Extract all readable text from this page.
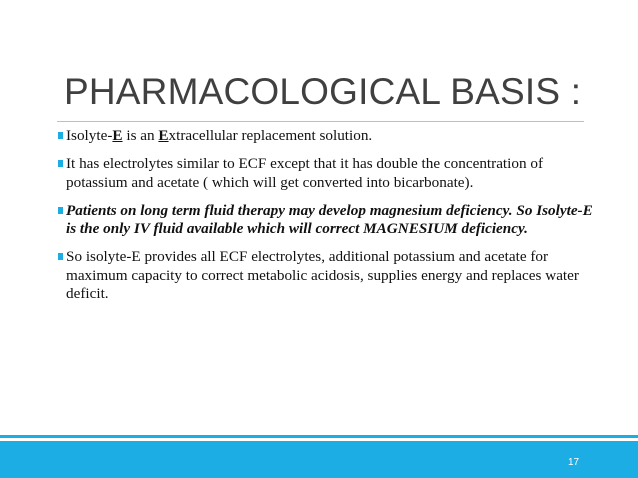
PHARMACOLOGICAL BASIS :
Isolyte-E is an Extracellular replacement solution.
It has electrolytes similar to ECF except that it has double the concentration of potassium and acetate ( which will get converted into bicarbonate).
Patients on long term fluid therapy may develop magnesium deficiency. So Isolyte-E is the only IV fluid available which will correct MAGNESIUM deficiency.
So isolyte-E provides all ECF electrolytes, additional potassium and acetate for maximum capacity to correct metabolic acidosis, supplies energy and replaces water deficit.
17
